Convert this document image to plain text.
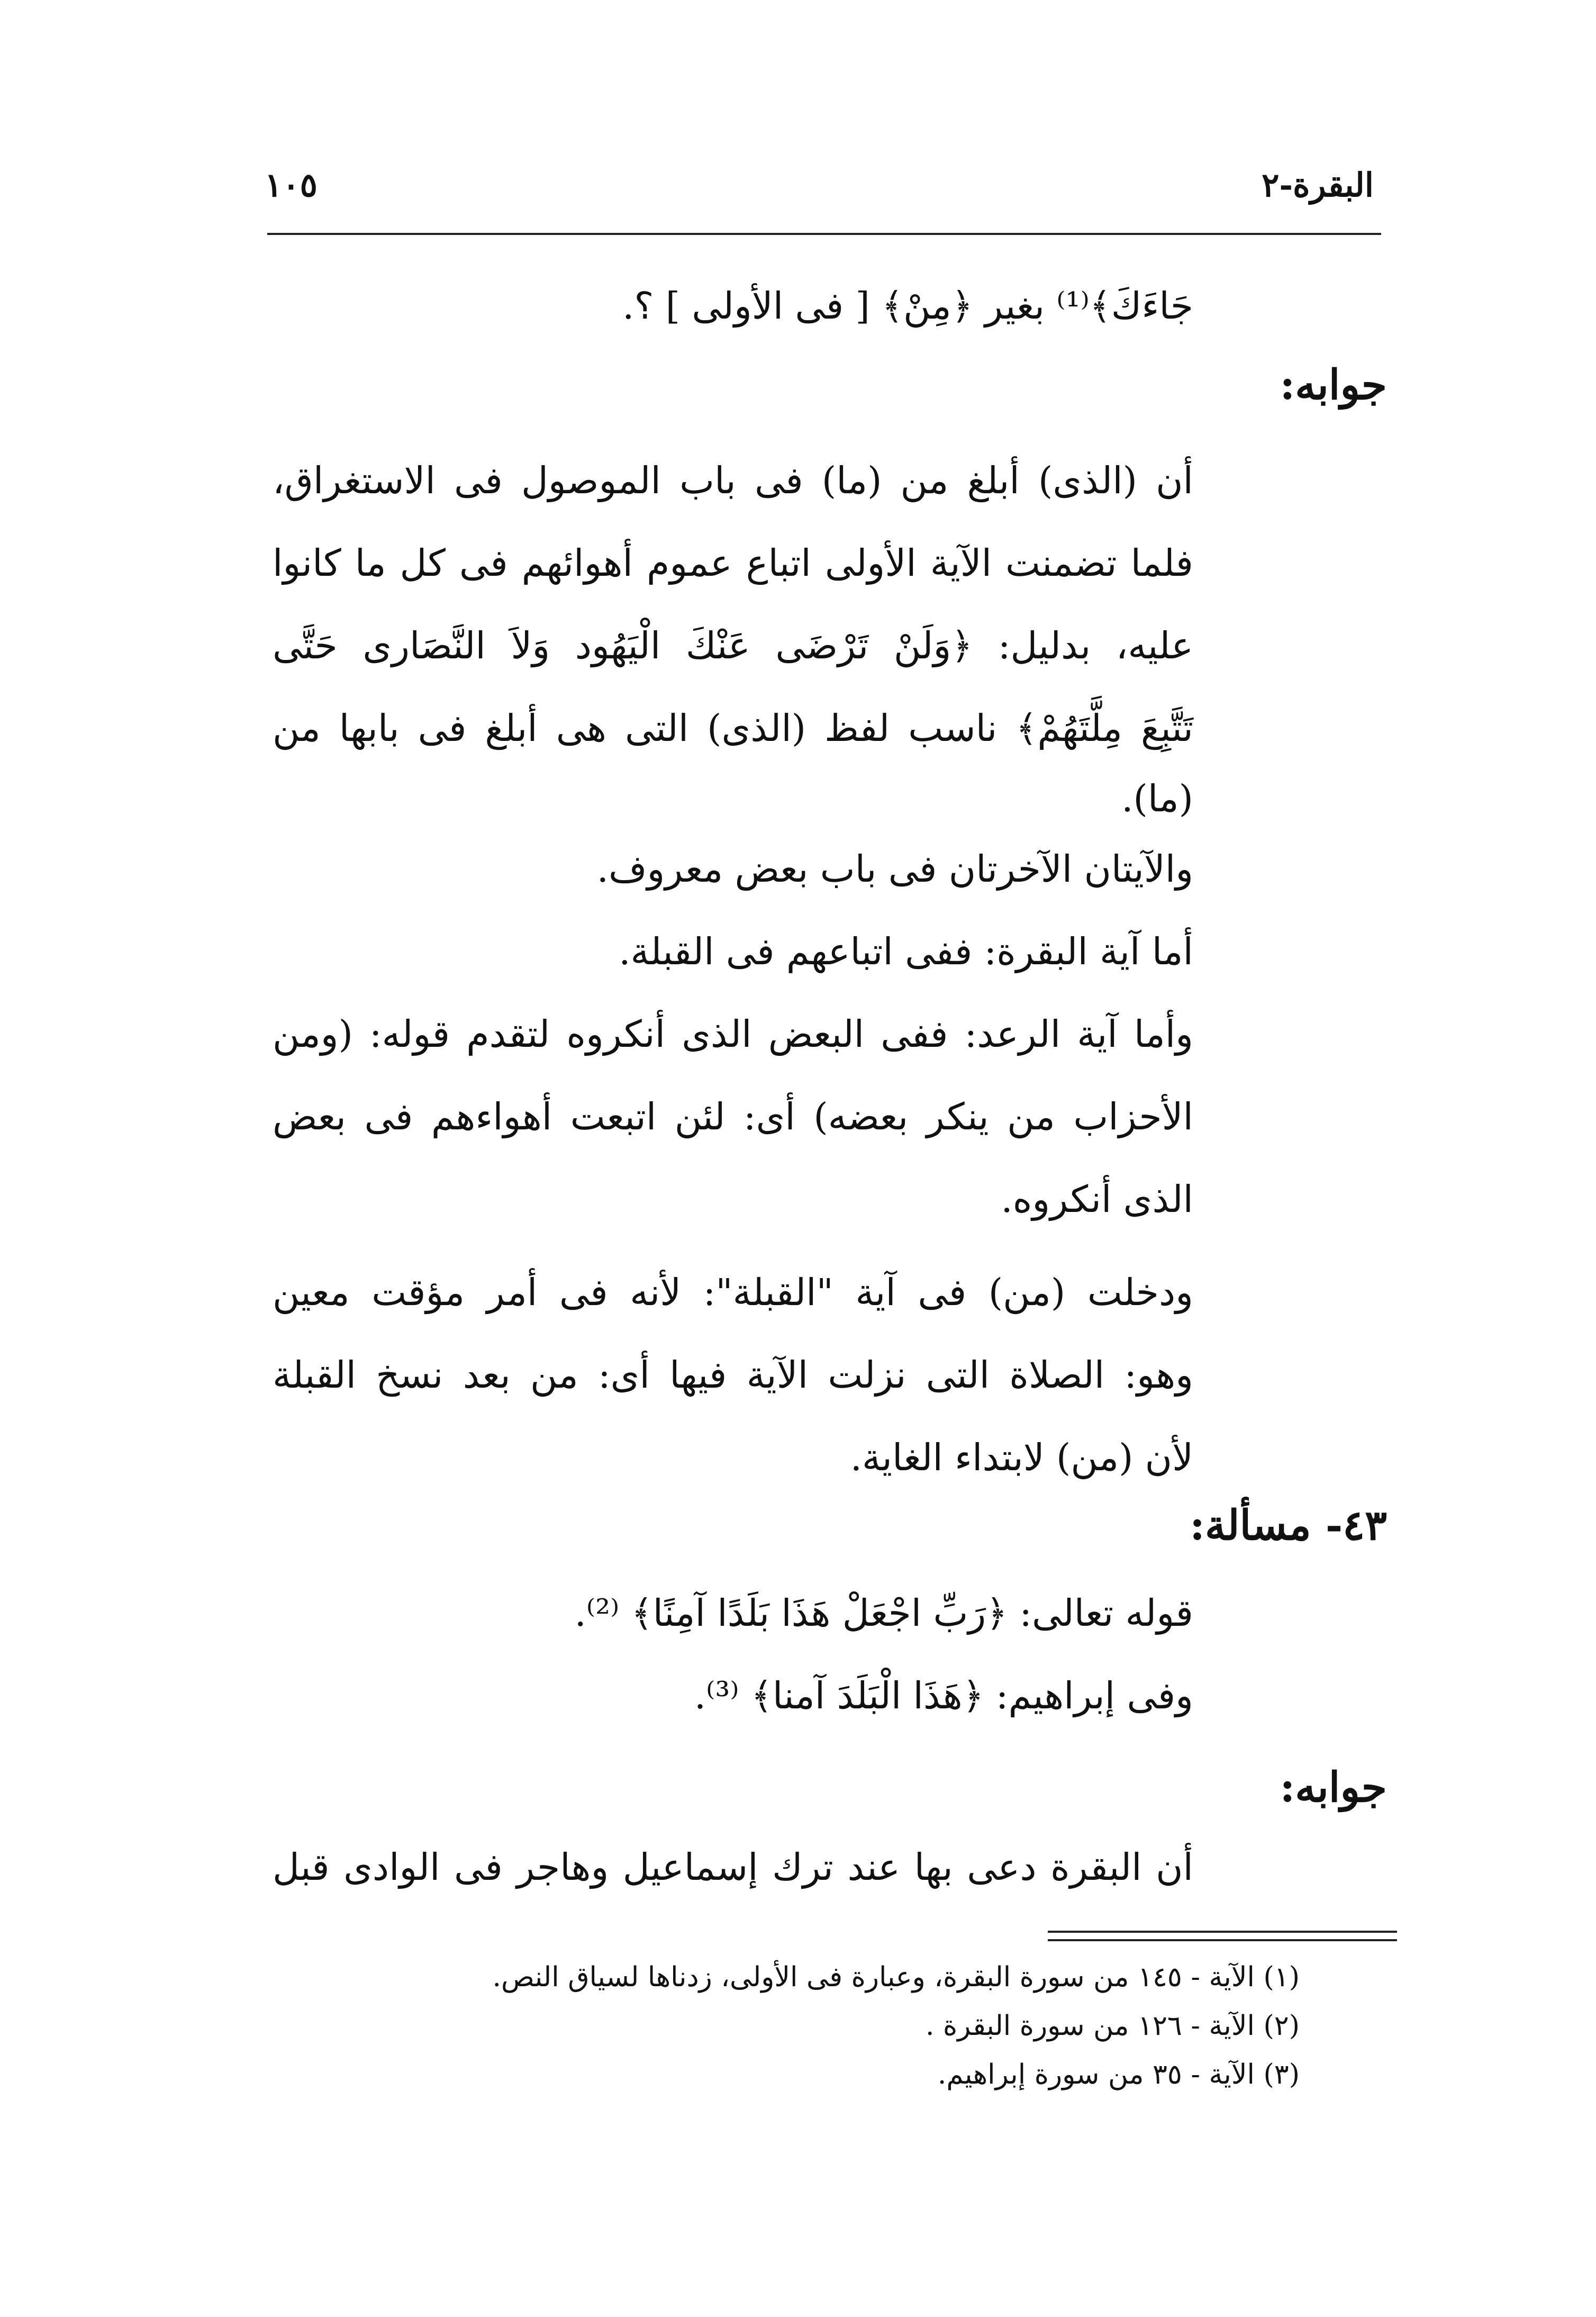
البقرة-٢
١٠٥
جَاءَكَ﴾⁽¹⁾ بغير ﴿مِنْ﴾ [ فى الأولى ] ؟.
جوابه:
أن (الذى) أبلغ من (ما) فى باب الموصول فى الاستغراق،
فلما تضمنت الآية الأولى اتباع عموم أهوائهم فى كل ما كانوا
عليه، بدليل: ﴿وَلَنْ تَرْضَى عَنْكَ الْيَهُود وَلاَ النَّصَارى حَتَّى
تَتَّبِعَ مِلَّتَهُمْ﴾ ناسب لفظ (الذى) التى هى أبلغ فى بابها من
(ما).
والآيتان الآخرتان فى باب بعض معروف.
أما آية البقرة: ففى اتباعهم فى القبلة.
وأما آية الرعد: ففى البعض الذى أنكروه لتقدم قوله: (ومن
الأحزاب من ينكر بعضه) أى: لئن اتبعت أهواءهم فى بعض
الذى أنكروه.
ودخلت (من) فى آية "القبلة": لأنه فى أمر مؤقت معين
وهو: الصلاة التى نزلت الآية فيها أى: من بعد نسخ القبلة
لأن (من) لابتداء الغاية.
٤٣- مسألة:
قوله تعالى: ﴿رَبِّ اجْعَلْ هَذَا بَلَدًا آمِنًا﴾ ⁽²⁾.
وفى إبراهيم: ﴿هَذَا الْبَلَدَ آمنا﴾ ⁽³⁾.
جوابه:
أن البقرة دعى بها عند ترك إسماعيل وهاجر فى الوادى قبل
(١) الآية - ١٤٥ من سورة البقرة، وعبارة فى الأولى، زدناها لسياق النص.
(٢) الآية - ١٢٦ من سورة البقرة .
(٣) الآية - ٣٥ من سورة إبراهيم.
